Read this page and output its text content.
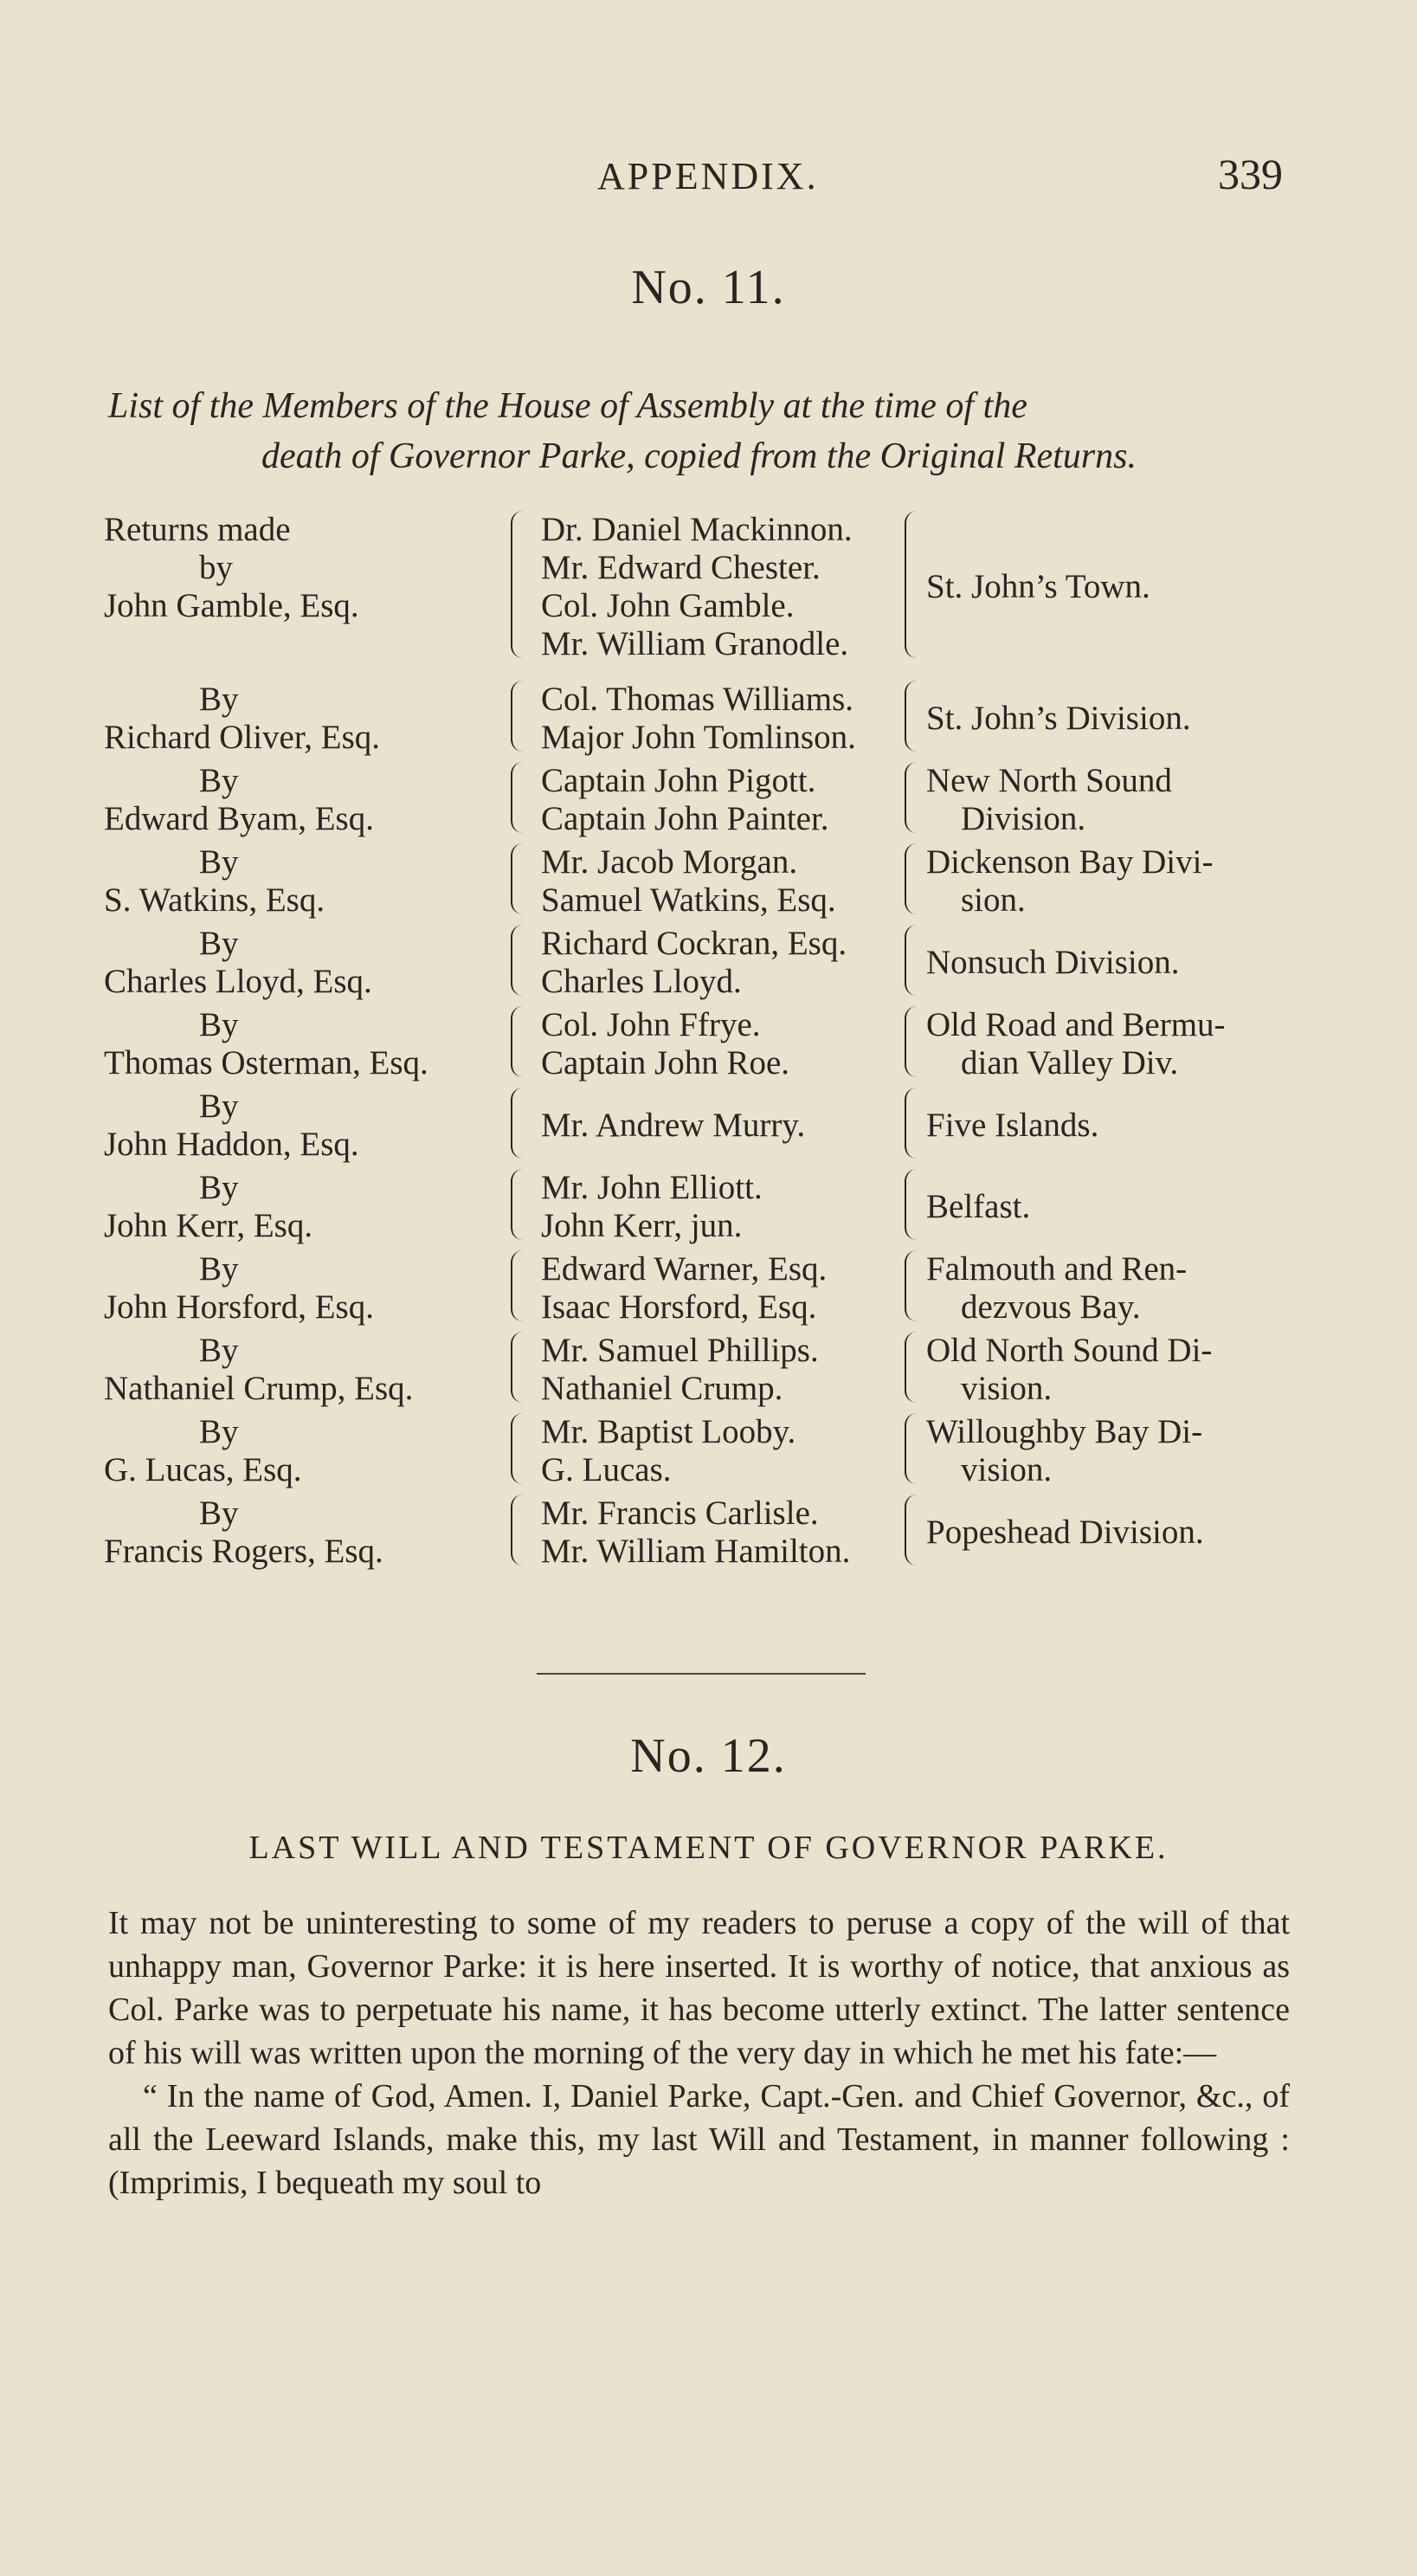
APPENDIX.	339
No. 11.
List of the Members of the House of Assembly at the time of the
death of Governor Parke, copied from the Original Returns.
Returns made
by
John Gamble, Esq.
Dr. Daniel Mackinnon.
Mr. Edward Chester.
Col. John Gamble.
Mr. William Granodle.
St. John’s Town.
By
Richard Oliver, Esq.
Col. Thomas Williams.
Major John Tomlinson.
St. John’s Division.
By
Edward Byam, Esq.
Captain John Pigott.
Captain John Painter.
New North Sound
Division.
By
S. Watkins, Esq.
Mr. Jacob Morgan.
Samuel Watkins, Esq.
Dickenson Bay Divi-
sion.
By
Charles Lloyd, Esq.
Richard Cockran, Esq.
Charles Lloyd.
Nonsuch Division.
By
Thomas Osterman, Esq.
Col. John Ffrye.
Captain John Roe.
Old Road and Bermu-
dian Valley Div.
By
John Haddon, Esq.
Mr. Andrew Murry.	Five Islands.
By
John Kerr, Esq.
Mr. John Elliott.
John Kerr, jun.
Belfast.
By
John Horsford, Esq.
Edward Warner, Esq.
Isaac Horsford, Esq.
Falmouth and Ren-
dezvous Bay.
By
Nathaniel Crump, Esq.
Mr. Samuel Phillips.
Nathaniel Crump.
Old North Sound Di-
vision.
By
G. Lucas, Esq.
Mr. Baptist Looby.
G. Lucas.
Willoughby Bay Di-
vision.
By
Francis Rogers, Esq.
Mr. Francis Carlisle.
Mr. William Hamilton.
Popeshead Division.
No. 12.
LAST WILL AND TESTAMENT OF GOVERNOR PARKE.

It may not be uninteresting to some of my readers to peruse a copy of the will of that unhappy man, Governor Parke: it is here inserted. It is worthy of notice, that anxious as Col. Parke was to perpetuate his name, it has become utterly extinct. The latter sentence of his will was written upon the morning of the very day in which he met his fate:—

“ In the name of God, Amen. I, Daniel Parke, Capt.-Gen. and Chief Governor, &c., of all the Leeward Islands, make this, my last Will and Testament, in manner following : (Imprimis, I bequeath my soul to
